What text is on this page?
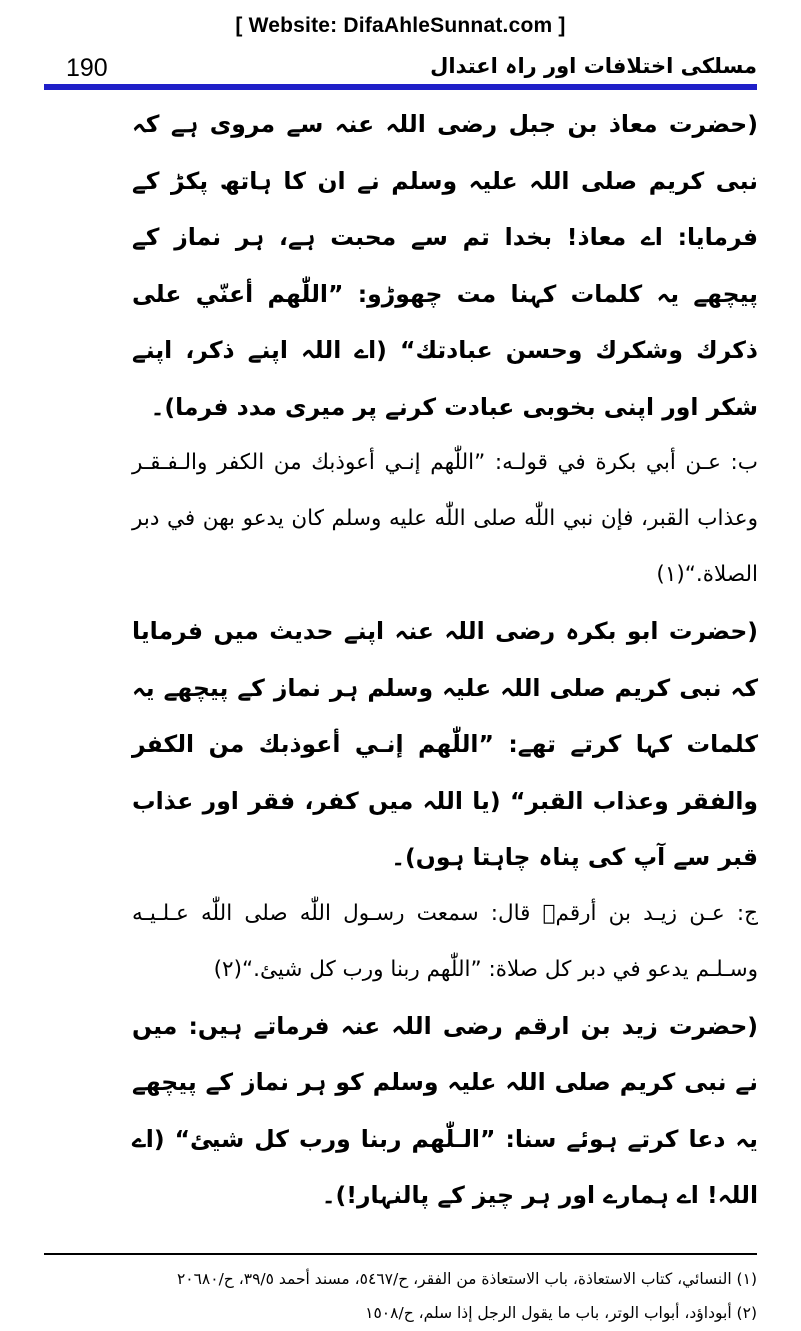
[ Website: DifaAhleSunnat.com ]
190	مسلکی اختلافات اور راہ اعتدال

(حضرت معاذ بن جبل رضی اللہ عنہ سے مروی ہے کہ نبی کریم صلی اللہ علیہ وسلم نے ان کا ہاتھ پکڑ کے فرمایا: اے معاذ! بخدا تم سے محبت ہے، ہر نماز کے پیچھے یہ کلمات کہنا مت چھوڑو: ”اللّٰهم أعنّي علی ذکرك وشکرك وحسن عبادتك“ (اے اللہ اپنے ذکر، اپنے شکر اور اپنی بخوبی عبادت کرنے پر میری مدد فرما)۔

ب: عـن أبي بكرة في قولـه: ”اللّٰهم إنـي أعوذبك من الكفر والـفـقـر وعذاب القبر، فإن نبي اللّٰه صلى اللّٰه عليه وسلم كان يدعو بهن في دبر الصلاة.“(١)

(حضرت ابو بکرہ رضی اللہ عنہ اپنے حدیث میں فرمایا کہ نبی کریم صلی اللہ علیہ وسلم ہر نماز کے پیچھے یہ کلمات کہا کرتے تھے: ”اللّٰهم إنـي أعوذبك من الكفر والفقر وعذاب القبر“ (یا اللہ میں کفر، فقر اور عذاب قبر سے آپ کی پناہ چاہتا ہوں)۔

ج: عـن زيـد بن أرقمؓ قال: سمعت رسـول اللّٰه صلى اللّٰه عـلـيـه وسـلـم يدعو في دبر كل صلاة: ”اللّٰهم ربنا ورب كل شيئ.“(٢)

(حضرت زید بن ارقم رضی اللہ عنہ فرماتے ہیں: میں نے نبی کریم صلی اللہ علیہ وسلم کو ہر نماز کے پیچھے یہ دعا کرتے ہوئے سنا: ”الـلّٰهم ربنا ورب كل شيئ“ (اے اللہ! اے ہمارے اور ہر چیز کے پالنہار!)۔

(١) النسائي، كتاب الاستعاذة، باب الاستعاذة من الفقر، ح/٥٤٦٧، مسند أحمد ٣٩/٥، ح/٢٠٦٨٠

(٢) أبوداؤد، أبواب الوتر، باب ما يقول الرجل إذا سلم، ح/١٥٠٨
